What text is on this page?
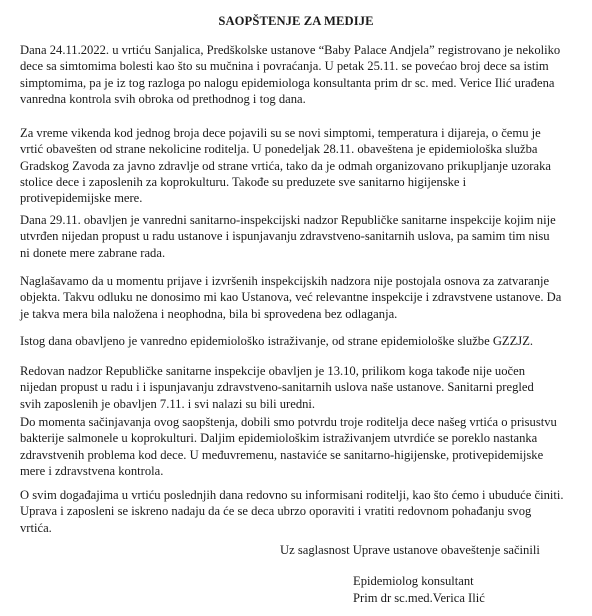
SAOPŠTENJE ZA MEDIJE

Dana 24.11.2022. u vrtiću Sanjalica, Predškolske ustanove “Baby Palace Andjela” registrovano je nekoliko
dece sa simtomima bolesti kao što su mučnina i povraćanja. U petak 25.11. se povećao broj dece sa istim
simptomima, pa je iz tog razloga po nalogu epidemiologa konsultanta prim dr sc. med. Verice Ilić urađena
vanredna kontrola svih obroka od prethodnog i tog dana.

Za vreme vikenda kod jednog broja dece pojavili su se novi simptomi, temperatura i dijareja, o čemu je
vrtić obavešten od strane nekolicine roditelja. U ponedeljak 28.11. obaveštena je epidemiološka služba
Gradskog Zavoda za javno zdravlje od strane vrtića, tako da je odmah organizovano prikupljanje uzoraka
stolice dece i zaposlenih za koprokulturu. Takođe su preduzete sve sanitarno higijenske i
protivepidemijske mere.

Dana 29.11. obavljen je vanredni sanitarno-inspekcijski nadzor Republičke sanitarne inspekcije kojim nije
utvrđen nijedan propust u radu ustanove i ispunjavanju zdravstveno-sanitarnih uslova, pa samim tim nisu
ni donete mere zabrane rada.

Naglašavamo da u momentu prijave i izvršenih inspekcijskih nadzora nije postojala osnova za zatvaranje
objekta. Takvu odluku ne donosimo mi kao Ustanova, već relevantne inspekcije i zdravstvene ustanove. Da
je takva mera bila naložena i neophodna, bila bi sprovedena bez odlaganja.

Istog dana obavljeno je vanredno epidemiološko istraživanje, od strane epidemiološke službe GZZJZ.

Redovan nadzor Republičke sanitarne inspekcije obavljen je 13.10, prilikom koga takođe nije uočen
nijedan propust u radu i i ispunjavanju zdravstveno-sanitarnih uslova naše ustanove. Sanitarni pregled
svih zaposlenih je obavljen 7.11. i svi nalazi su bili uredni.

Do momenta sačinjavanja ovog saopštenja, dobili smo potvrdu troje roditelja dece našeg vrtića o prisustvu
bakterije salmonele u koprokulturi. Daljim epidemiološkim istraživanjem utvrdiće se poreklo nastanka
zdravstvenih problema kod dece. U međuvremenu, nastaviće se sanitarno-higijenske, protivepidemijske
mere i zdravstvena kontrola.

O svim događajima u vrtiću poslednjih dana redovno su informisani roditelji, kao što ćemo i ubuduće činiti.
Uprava i zaposleni se iskreno nadaju da će se deca ubrzo oporaviti i vratiti redovnom pohađanju svog
vrtića.

Uz saglasnost Uprave ustanove obaveštenje sačinili

Epidemiolog konsultant
Prim dr sc.med.Verica Ilić
